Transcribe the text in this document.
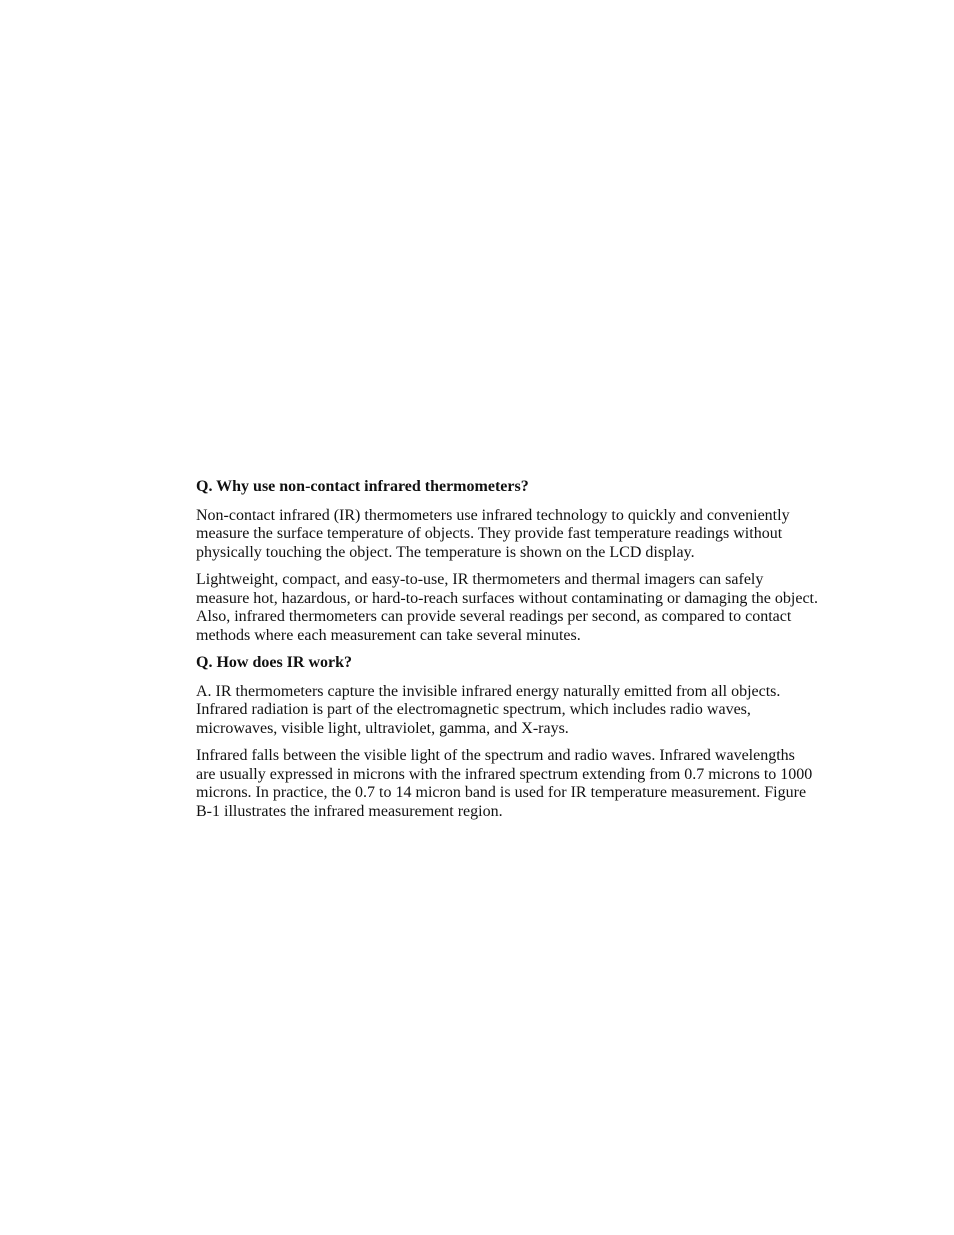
Q. Why use non-contact infrared thermometers?

Non-contact infrared (IR) thermometers use infrared technology to quickly and conveniently measure the surface temperature of objects. They provide fast temperature readings without physically touching the object. The temperature is shown on the LCD display.

Lightweight, compact, and easy-to-use, IR thermometers and thermal imagers can safely measure hot, hazardous, or hard-to-reach surfaces without contaminating or damaging the object. Also, infrared thermometers can provide several readings per second, as compared to contact methods where each measurement can take several minutes.

Q. How does IR work?

A. IR thermometers capture the invisible infrared energy naturally emitted from all objects. Infrared radiation is part of the electromagnetic spectrum, which includes radio waves, microwaves, visible light, ultraviolet, gamma, and X-rays.

Infrared falls between the visible light of the spectrum and radio waves. Infrared wavelengths are usually expressed in microns with the infrared spectrum extending from 0.7 microns to 1000 microns. In practice, the 0.7 to 14 micron band is used for IR temperature measurement. Figure B-1 illustrates the infrared measurement region.
